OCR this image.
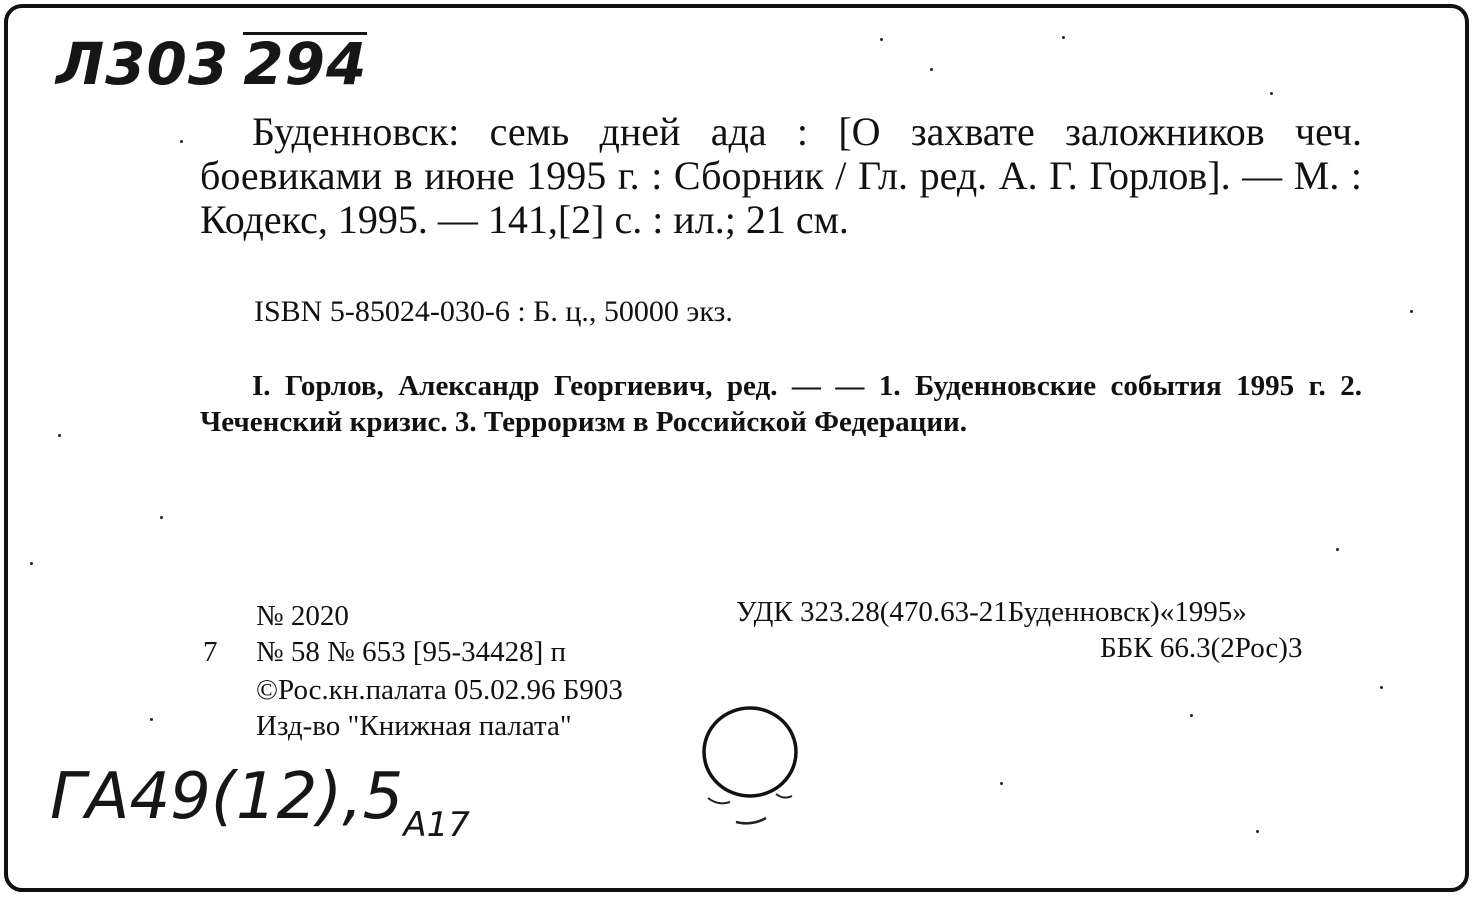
Л303 294
Буденновск: семь дней ада : [О захвате заложников чеч. боевиками в июне 1995 г. : Сборник / Гл. ред. А. Г. Горлов]. — М. : Кодекс, 1995. — 141,[2] с. : ил.; 21 см.
ISBN 5-85024-030-6 : Б. ц., 50000 экз.
I. Горлов, Александр Георгиевич, ред. — — 1. Буденновские события 1995 г. 2. Чеченский кризис. 3. Терроризм в Российской Федерации.
№ 2020
7 № 58 № 653 [95-34428] п
©Рос.кн.палата 05.02.96 Б903
Изд-во "Книжная палата"
УДК 323.28(470.63-21Буденновск)«1995»
ББК 66.3(2Рос)3
$ГА49(12),5_{А17}$
